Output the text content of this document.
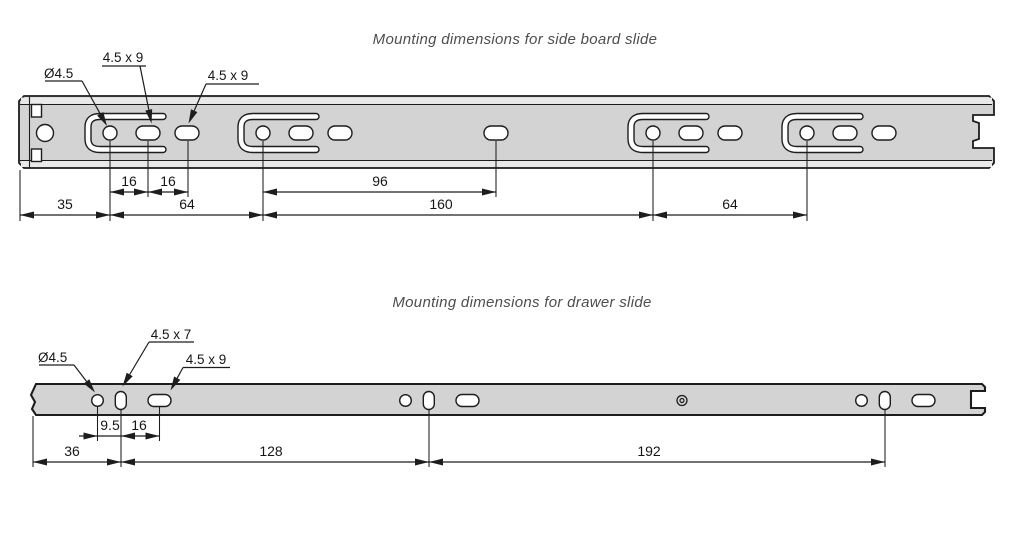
Mounting dimensions for side board slide
Ø4.5
4.5 x 9
4.5 x 9
16 16	96
35	64	160	64
Mounting dimensions for drawer slide
Ø4.5
4.5 x 7
4.5 x 9
9.5 16
36	128	192
